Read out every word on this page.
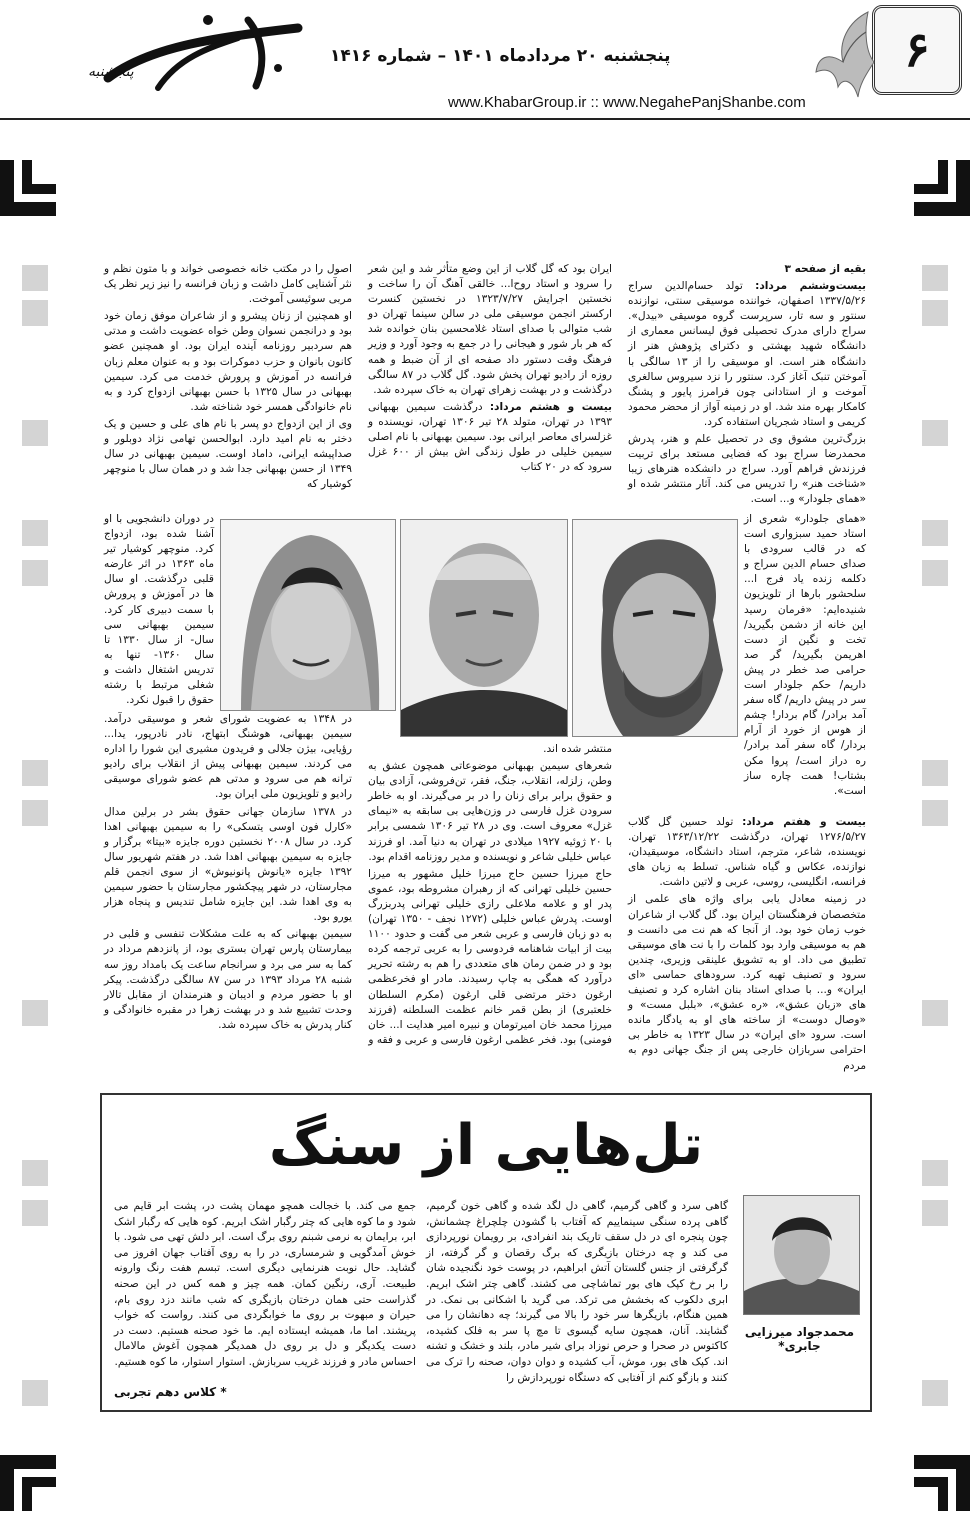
۶
پنجشنبه ۲۰ مردادماه ۱۴۰۱ – شماره ۱۴۱۶
www.KhabarGroup.ir :: www.NegahePanjShanbe.com
پنجشنبه

بقیه از صفحه ۳

بیست‌وششم مرداد: تولد حسام‌الدین سراج ۱۳۳۷/۵/۲۶ اصفهان، خواننده موسیقی سنتی، نوازنده سنتور و سه تار، سرپرست گروه موسیقی «بیدل». سراج دارای مدرک تحصیلی فوق لیسانس معماری از دانشگاه شهید بهشتی و دکترای پژوهش هنر از دانشگاه هنر است. او موسیقی را از ۱۳ سالگی با آموختن تنبک آغاز کرد. سنتور را نزد سیروس سالغری آموخت و از استادانی چون فرامرز پایور و پشنگ کامکار بهره مند شد. او در زمینه آواز از محضر محمود کریمی و استاد شجریان استفاده کرد.

بزرگ‌ترین مشوق وی در تحصیل علم و هنر، پدرش محمدرضا سراج بود که فضایی مستعد برای تربیت فرزندش فراهم آورد. سراج در دانشکده هنرهای زیبا «شناخت هنر» را تدریس می کند. آثار منتشر شده او «همای جلودار» و... است.

«همای جلودار» شعری از استاد حمید سبزواری است که در قالب سرودی با صدای حسام الدین سراج و دکلمه زنده یاد فرج ا... سلحشور بارها از تلویزیون شنیده‌ایم: «فرمان رسید این خانه از دشمن بگیرید/ تخت و نگین از دست اهریمن بگیرید/ گر صد حرامی صد خطر در پیش داریم/ حکم جلودار است سر در پیش داریم/ گاه سفر آمد برادر/ گام بردار! چشم از هوس از خورد از آرام بردار/ گاه سفر آمد برادر/ ره دراز است/ پروا مکن بشتاب! همت چاره ساز است».

بیست و هفتم مرداد: تولد حسین گل گلاب ۱۲۷۶/۵/۲۷ تهران، درگذشت ۱۳۶۳/۱۲/۲۲ تهران. نویسنده، شاعر، مترجم، استاد دانشگاه، موسیقیدان، نوازنده، عکاس و گیاه شناس. تسلط به زبان های فرانسه، انگلیسی، روسی، عربی و لاتین داشت.

در زمینه معادل یابی برای واژه های علمی از متخصصان فرهنگستان ایران بود. گل گلاب از شاعران خوب زمان خود بود. از آنجا که هم نت می دانست و هم به موسیقی وارد بود کلمات را با نت های موسیقی تطبیق می داد. او به تشویق علینقی وزیری، چندین سرود و تصنیف تهیه کرد. سرودهای حماسی «ای ایران» و... با صدای استاد بنان اشاره کرد و تصنیف های «زبان عشق»، «ره عشق»، «بلبل مست» و «وصال دوست» از ساخته های او به یادگار مانده است. سرود «ای ایران» در سال ۱۳۲۳ به خاطر بی احترامی سربازان خارجی پس از جنگ جهانی دوم به مردم

ایران بود که گل گلاب از این وضع متأثر شد و این شعر را سرود و استاد روح‌ا... خالقی آهنگ آن را ساخت و نخستین اجرایش ۱۳۲۳/۷/۲۷ در نخستین کنسرت ارکستر انجمن موسیقی ملی در سالن سینما تهران دو شب متوالی با صدای استاد غلامحسین بنان خوانده شد که هر بار شور و هیجانی را در جمع به وجود آورد و وزیر فرهنگ وقت دستور داد صفحه ای از آن ضبط و همه روزه از رادیو تهران پخش شود. گل گلاب در ۸۷ سالگی درگذشت و در بهشت زهرای تهران به خاک سپرده شد.

بیست و هشتم مرداد: درگذشت سیمین بهبهانی ۱۳۹۳ در تهران، متولد ۲۸ تیر ۱۳۰۶ تهران، نویسنده و غزلسرای معاصر ایرانی بود. سیمین بهبهانی با نام اصلی سیمین خلیلی در طول زندگی اش بیش از ۶۰۰ غزل سرود که در ۲۰ کتاب

منتشر شده اند.

شعرهای سیمین بهبهانی موضوعاتی همچون عشق به وطن، زلزله، انقلاب، جنگ، فقر، تن‌فروشی، آزادی بیان و حقوق برابر برای زنان را در بر می‌گیرند. او به خاطر سرودن غزل فارسی در وزن‌هایی بی سابقه به «نیمای غزل» معروف است. وی در ۲۸ تیر ۱۳۰۶ شمسی برابر با ۲۰ ژوئیه ۱۹۲۷ میلادی در تهران به دنیا آمد. او فرزند عباس خلیلی شاعر و نویسنده و مدیر روزنامه اقدام بود.

حاج میرزا حسین حاج میرزا خلیل مشهور به میرزا حسین خلیلی تهرانی که از رهبران مشروطه بود، عموی پدر او و علامه ملاعلی رازی خلیلی تهرانی پدربزرگ اوست. پدرش عباس خلیلی (۱۲۷۲ نجف - ۱۳۵۰ تهران) به دو زبان فارسی و عربی شعر می گفت و حدود ۱۱۰۰ بیت از ابیات شاهنامه فردوسی را به عربی ترجمه کرده بود و در ضمن رمان های متعددی را هم به رشته تحریر درآورد که همگی به چاپ رسیدند. مادر او فخرعظمی ارغون دختر مرتضی قلی ارغون (مکرم السلطان خلعتبری) از بطن قمر خانم عظمت السلطنه (فرزند میرزا محمد خان امیرتومان و نبیره امیر هدایت ا... خان فومنی) بود. فخر عظمی ارغون فارسی و عربی و فقه و

اصول را در مکتب خانه خصوصی خواند و با متون نظم و نثر آشنایی کامل داشت و زبان فرانسه را نیز زیر نظر یک مربی سوئیسی آموخت.

او همچنین از زنان پیشرو و از شاعران موفق زمان خود بود و درانجمن نسوان وطن خواه عضویت داشت و مدتی هم سردبیر روزنامه آینده ایران بود. او همچنین عضو کانون بانوان و حزب دموکرات بود و به عنوان معلم زبان فرانسه در آموزش و پرورش خدمت می کرد. سیمین بهبهانی در سال ۱۳۲۵ با حسن بهبهانی ازدواج کرد و به نام خانوادگی همسر خود شناخته شد.

وی از این ازدواج دو پسر با نام های علی و حسین و یک دختر به نام امید دارد. ابوالحسن تهامی نژاد دوبلور و صداپیشه ایرانی، داماد اوست. سیمین بهبهانی در سال ۱۳۴۹ از حسن بهبهانی جدا شد و در همان سال با منوچهر کوشیار که

در دوران دانشجویی با او آشنا شده بود، ازدواج کرد. منوچهر کوشیار تیر ماه ۱۳۶۳ در اثر عارضه قلبی درگذشت. او سال ها در آموزش و پرورش با سمت دبیری کار کرد. سیمین بهبهانی سی سال- از سال ۱۳۳۰ تا سال ۱۳۶۰- تنها به تدریس اشتغال داشت و شغلی مرتبط با رشته حقوق را قبول نکرد.

در ۱۳۴۸ به عضویت شورای شعر و موسیقی درآمد. سیمین بهبهانی، هوشنگ ابتهاج، نادر نادرپور، یدا... رؤیایی، بیژن جلالی و فریدون مشیری این شورا را اداره می کردند. سیمین بهبهانی پیش از انقلاب برای رادیو ترانه هم می سرود و مدتی هم عضو شورای موسیقی رادیو و تلویزیون ملی ایران بود.

در ۱۳۷۸ سازمان جهانی حقوق بشر در برلین مدال «کارل فون اوسی یتسکی» را به سیمین بهبهانی اهدا کرد. در سال ۲۰۰۸ نخستین دوره جایزه «بیتا» برگزار و جایزه به سیمین بهبهانی اهدا شد. در هفتم شهریور سال ۱۳۹۲ جایزه «یانوش پانونیوش» از سوی انجمن قلم مجارستان، در شهر پیچکشور مجارستان با حضور سیمین به وی اهدا شد. این جایزه شامل تندیس و پنجاه هزار یورو بود.

سیمین بهبهانی که به علت مشکلات تنفسی و قلبی در بیمارستان پارس تهران بستری بود، از پانزدهم مرداد در کما به سر می برد و سرانجام ساعت یک بامداد روز سه شنبه ۲۸ مرداد ۱۳۹۳ در سن ۸۷ سالگی درگذشت. پیکر او با حضور مردم و ادیبان و هنرمندان از مقابل تالار وحدت تشییع شد و در بهشت زهرا در مقبره خانوادگی و کنار پدرش به خاک سپرده شد.

تل‌هایی از سنگ
محمدجواد میرزایی جابری*
گاهی سرد و گاهی گرمیم، گاهی دل لگد شده و گاهی خون گرمیم، گاهی پرده سنگی سینماییم که آفتاب با گشودن چلچراغ چشمانش، چون پنجره ای در دل سقف تاریک بند انفرادی، بر رویمان نورپردازی می کند و چه درختان بازیگری که برگ رقصان و گر گرفته، از گرگرفتی از جنس گلستان آتش ابراهیم، در پوست خود نگنجیده شان را بر رخ کپک های بور تماشاچی می کشند. گاهی چتر اشک ابریم. ابری دلکوب که بخشش می ترکد. می گرید با اشکانی بی نمک. در همین هنگام، بازیگرها سر خود را بالا می گیرند؛ چه دهانشان را می گشایند. آنان، همچون سایه گیسوی تا مچ پا سر به فلک کشیده، کاکتوس در صحرا و حرص نوزاد برای شیر مادر، بلند و خشک و تشنه اند. کپک های بور، موش، آب کشیده و دوان دوان، صحنه را ترک می کنند و بازگو کنم از آفتابی که دستگاه نورپردازش را
جمع می کند. با خجالت همچو مهمان پشت در، پشت ابر قایم می شود و ما کوه هایی که چتر رگبار اشک ابریم. کوه هایی که رگبار اشک ابر، برایمان به نرمی شبنم روی برگ است. ابر دلش تهی می شود. با خوش آمدگویی و شرمساری، در را به روی آفتاب جهان افروز می گشاید. حال نوبت هنرنمایی دیگری است. تبسم هفت رنگ وارونه طبیعت. آری، رنگین کمان. همه چیز و همه کس در این صحنه گذراست حتی همان درختان بازیگری که شب مانند دزد روی بام، حیران و مبهوت بر روی ما خوابگردی می کنند. رواست که خواب پریشند. اما ما، همیشه ایستاده ایم. ما خود صحنه هستیم. دست در دست یکدیگر و دل بر روی دل همدیگر همچون آغوش مالامال احساس مادر و فرزند غریب سربازش. استوار استوار، ما کوه هستیم.
* کلاس دهم تجربی
